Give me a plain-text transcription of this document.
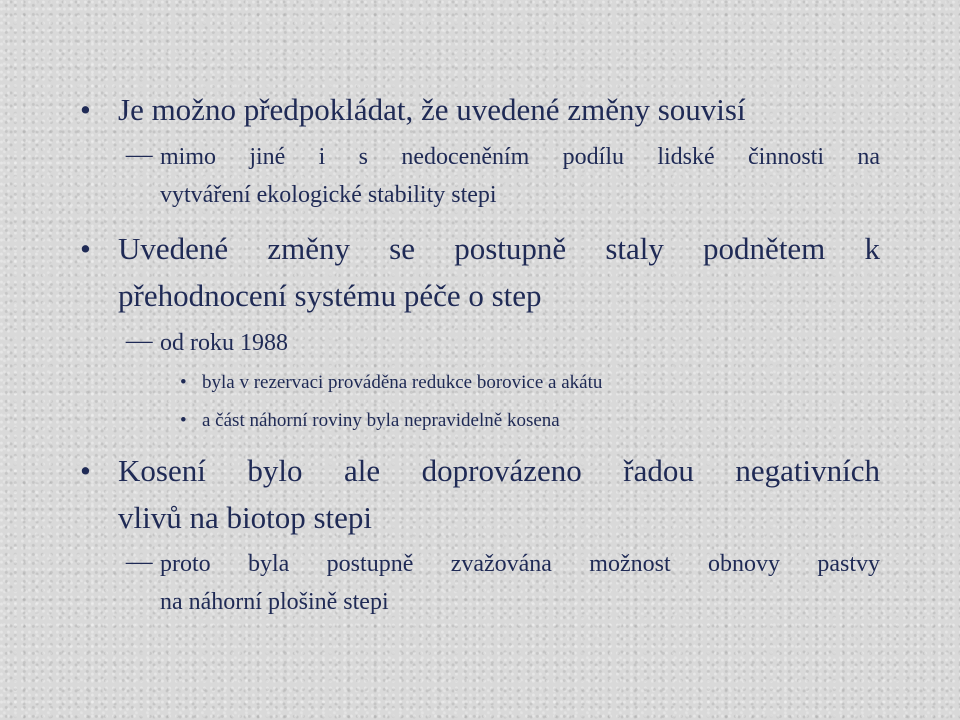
• Je možno předpokládat, že uvedené změny souvisí
– mimo jiné i s nedoceněním podílu lidské činnosti na
vytváření ekologické stability stepi
• Uvedené změny se postupně staly podnětem k
přehodnocení systému péče o step
– od roku 1988
• byla v rezervaci prováděna redukce borovice a akátu
• a část náhorní roviny byla nepravidelně kosena
• Kosení bylo ale doprovázeno řadou negativních
vlivů na biotop stepi
– proto byla postupně zvažována možnost obnovy pastvy
na náhorní plošině stepi
